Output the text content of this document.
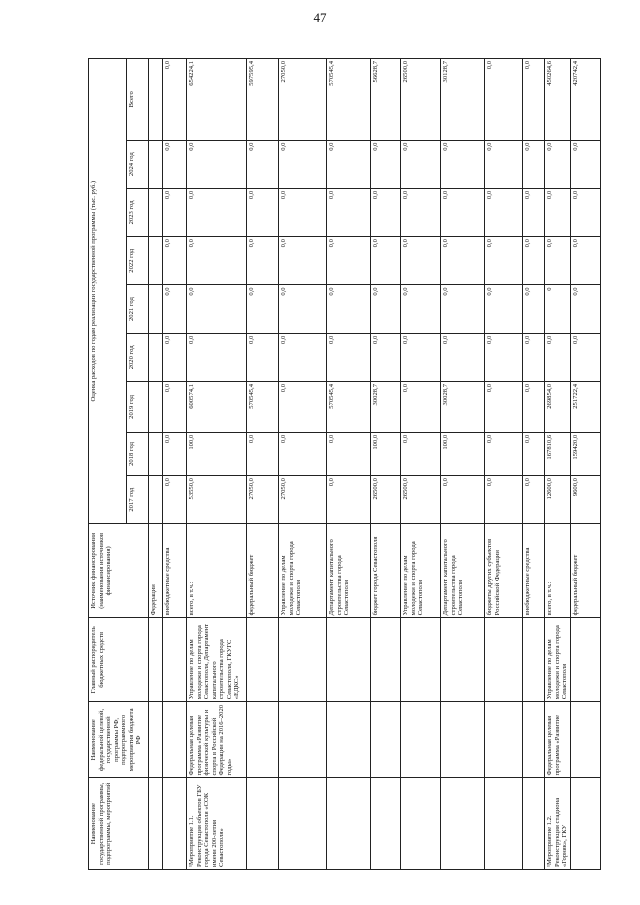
47
Наименование государственной программы, подпрограммы, мероприятий	Наименование федеральной целевой, государственной программы РФ, подпрограммного мероприятия бюджета РФ	Главный распорядитель бюджетных средств	Источник финансирования (наименования источников финансирования)	Оценка расходов по годам реализации государственной программы (тыс. руб.)								
				2017 год	2018 год	2019 год	2020 год	2021 год	2022 год	2023 год	2024 год	Всего
			Федерации									
			внебюджетные средства	0,0	0,0	0,0	0,0	0,0	0,0	0,0	0,0	0,0
¹Мероприятие 1.1. Реконструкция объектов ГБУ города Севастополя «СОК имени 200-летия Севастополя»	Федеральная целевая программа «Развитие физической культуры и спорта в Российской Федерации на 2016–2020 годы»	Управление по делам молодежи и спорта города Севастополя, Департамент капитального строительства города Севастополя, ГКУГС «ЕДКС»	всего, в т.ч.:	53550,0	100,0	600574,1	0,0	0,0	0,0	0,0	0,0	654224,1
			федеральный бюджет	27050,0	0,0	570545,4	0,0	0,0	0,0	0,0	0,0	597595,4
			Управление по делам молодежи и спорта города Севастополя	27050,0	0,0	0,0	0,0	0,0	0,0	0,0	0,0	27050,0
			Департамент капитального строительства города Севастополя	0,0	0,0	570545,4	0,0	0,0	0,0	0,0	0,0	570545,4
			бюджет города Севастополя	26500,0	100,0	30028,7	0,0	0,0	0,0	0,0	0,0	56628,7
			Управление по делам молодежи и спорта города Севастополя	26500,0	0,0	0,0	0,0	0,0	0,0	0,0	0,0	26500,0
			Департамент капитального строительства города Севастополя	0,0	100,0	30028,7	0,0	0,0	0,0	0,0	0,0	30128,7
			бюджеты других субъектов Российской Федерации	0,0	0,0	0,0	0,0	0,0	0,0	0,0	0,0	0,0
			внебюджетные средства	0,0	0,0	0,0	0,0	0,0	0,0	0,0	0,0	0,0
¹Мероприятие 1.2. Реконструкция стадиона «Горняк», ГКУ	Федеральная целевая программа «Развитие	Управление по делам молодежи и спорта города Севастополя	всего, в т.ч.:	12600,0	167810,6	269854,0	0,0	0	0,0	0,0	0,0	450264,6
			федеральный бюджет	9600,0	159420,0	251722,4	0,0	0,0	0,0	0,0	0,0	420742,4
